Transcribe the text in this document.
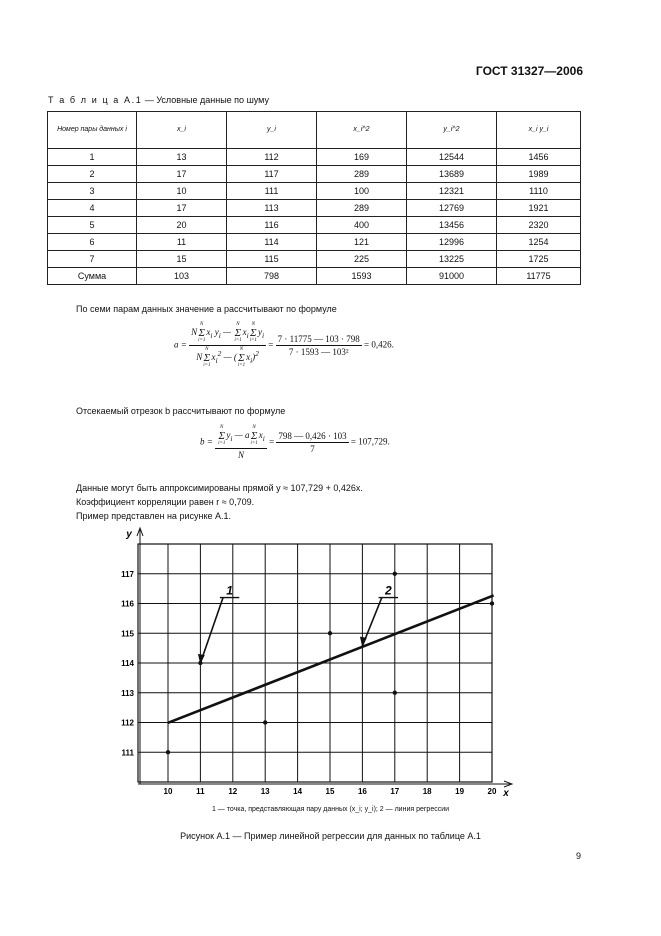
ГОСТ 31327—2006
Т а б л и ц а А.1 — Условные данные по шуму
Номер пары данных i	x_i	y_i	x_i^2	y_i^2	x_i y_i
1	13	112	169	12544	1456
2	17	117	289	13689	1989
3	10	111	100	12321	1110
4	17	113	289	12769	1921
5	20	116	400	13456	2320
6	11	114	121	12996	1254
7	15	115	225	13225	1725
Сумма	103	798	1593	91000	11775
По семи парам данных значение a рассчитывают по формуле
a = NN
Σ
$i=1x_i$ $y_i$ — N
Σ
$i=1x_iN$
Σ
$i=1y_i$
NN
Σ
$i=1x_i^2$ — (N
Σ
$i=1x_i)^2 = \frac{7 \cdot 11775 — 103 \cdot 798}{\text{7 · 1593 — 103²}} = 0,426$.
Отсекаемый отрезок b рассчитывают по формуле
b = N
Σ
$i=1y_i$ — aN
Σ
$i=1x_i$
$N = \frac{798 — 0,426 \cdot 103}{7} = 107,729$.
Данные могут быть аппроксимированы прямой y ≈ 107,729 + 0,426x.
Коэффициент корреляции равен r ≈ 0,709.
Пример представлен на рисунке А.1.
10	11	12	13	14	15	16	17	18	19	20
111
112
113
114
115
116
117
y
x
1	2
1 — точка, представляющая пару данных (x_i; y_i); 2 — линия регрессии
Рисунок А.1 — Пример линейной регрессии для данных по таблице А.1
9
